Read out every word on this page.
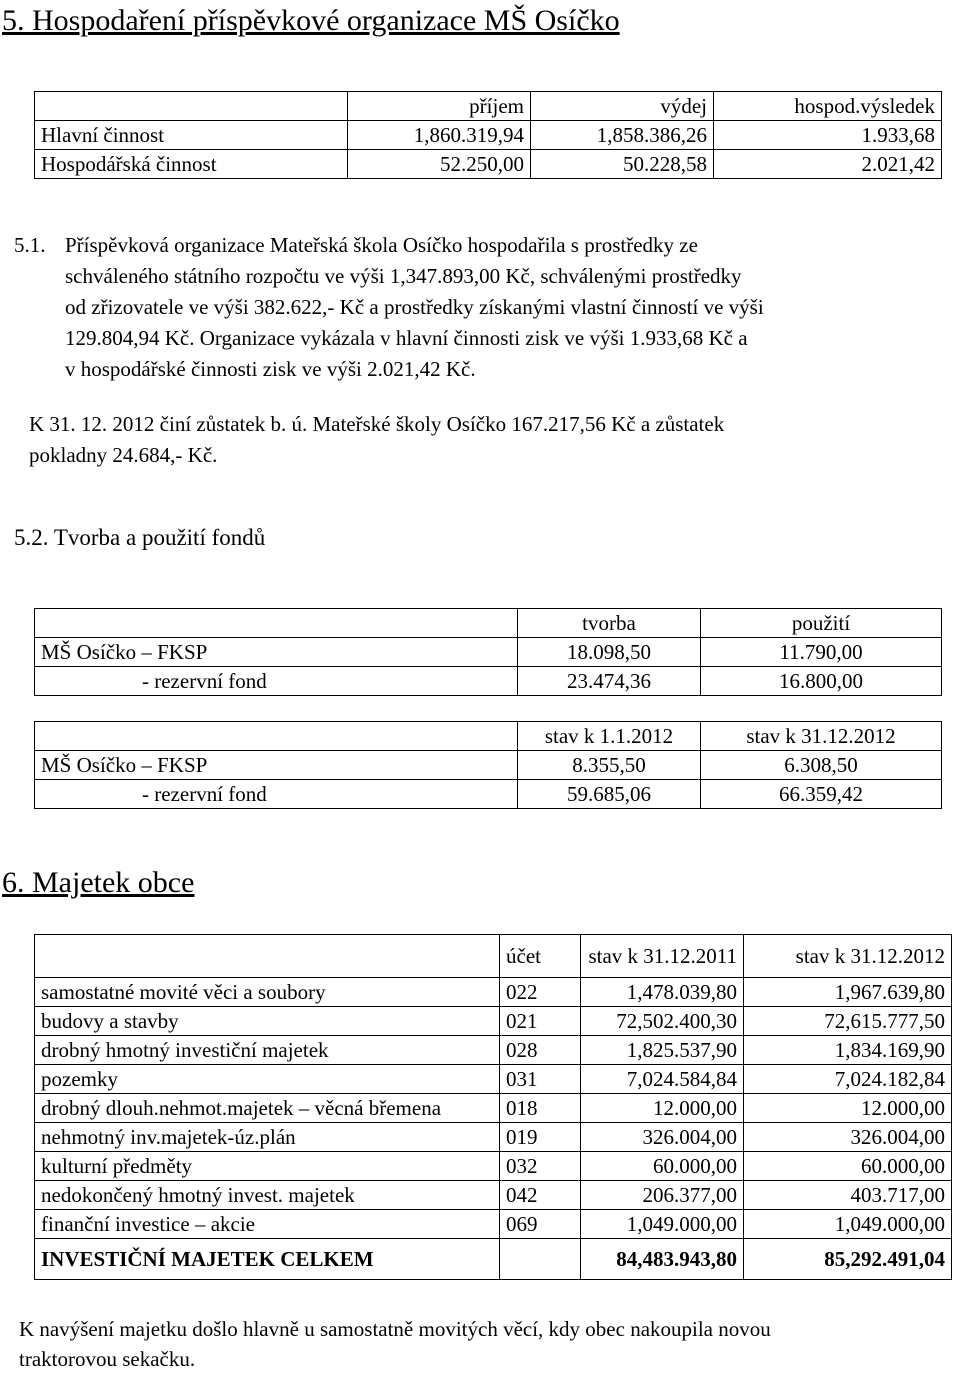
5. Hospodaření příspěvkové organizace MŠ Osíčko
	příjem	výdej	hospod.výsledek
Hlavní činnost	1,860.319,94	1,858.386,26	1.933,68
Hospodářská činnost	52.250,00	50.228,58	2.021,42
5.1. Příspěvková organizace Mateřská škola Osíčko hospodařila s prostředky ze
schváleného státního rozpočtu ve výši 1,347.893,00 Kč, schválenými prostředky
od zřizovatele ve výši 382.622,- Kč a prostředky získanými vlastní činností ve výši
129.804,94 Kč. Organizace vykázala v hlavní činnosti zisk ve výši 1.933,68 Kč a
v hospodářské činnosti zisk ve výši 2.021,42 Kč.
K 31. 12. 2012 činí zůstatek b. ú. Mateřské školy Osíčko 167.217,56 Kč a zůstatek
pokladny 24.684,- Kč.
5.2. Tvorba a použití fondů
	tvorba	použití
MŠ Osíčko – FKSP	18.098,50	11.790,00
- rezervní fond	23.474,36	16.800,00
	stav k 1.1.2012	stav k 31.12.2012
MŠ Osíčko – FKSP	8.355,50	6.308,50
- rezervní fond	59.685,06	66.359,42
6. Majetek obce
	účet	stav k 31.12.2011	stav k 31.12.2012
samostatné movité věci a soubory	022	1,478.039,80	1,967.639,80
budovy a stavby	021	72,502.400,30	72,615.777,50
drobný hmotný investiční majetek	028	1,825.537,90	1,834.169,90
pozemky	031	7,024.584,84	7,024.182,84
drobný dlouh.nehmot.majetek – věcná břemena	018	12.000,00	12.000,00
nehmotný inv.majetek-úz.plán	019	326.004,00	326.004,00
kulturní předměty	032	60.000,00	60.000,00
nedokončený hmotný invest. majetek	042	206.377,00	403.717,00
finanční investice – akcie	069	1,049.000,00	1,049.000,00
INVESTIČNÍ MAJETEK CELKEM		84,483.943,80	85,292.491,04
K navýšení majetku došlo hlavně u samostatně movitých věcí, kdy obec nakoupila novou
traktorovou sekačku.
